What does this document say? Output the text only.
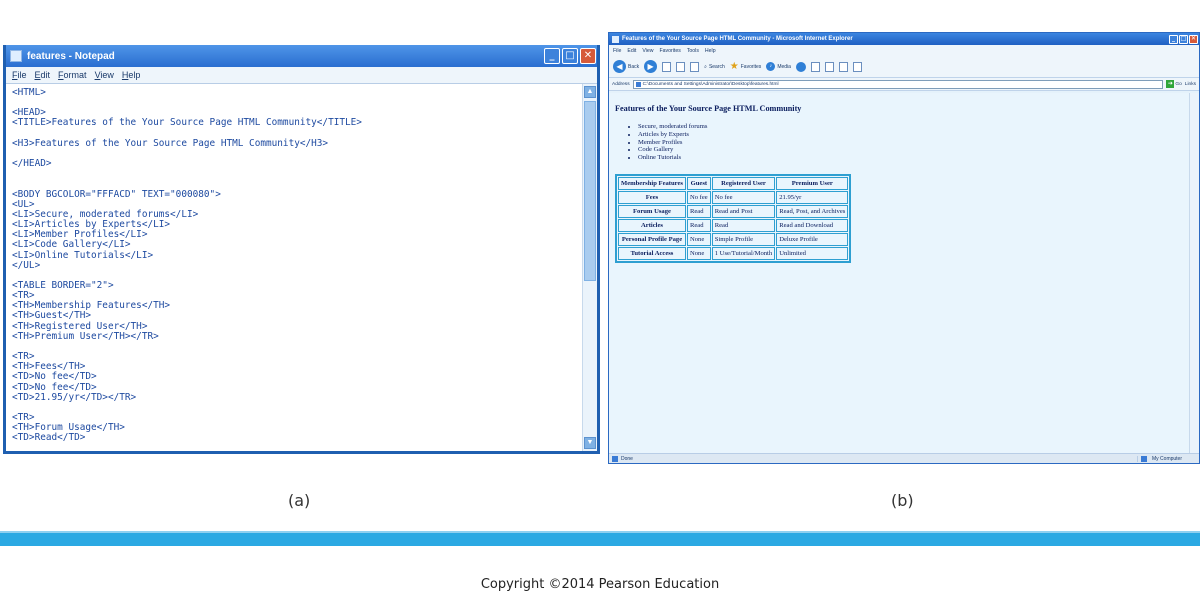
features - Notepad	_	□ ✕
File Edit Format View Help
<HTML>

<HEAD>
<TITLE>Features of the Your Source Page HTML Community</TITLE>

<H3>Features of the Your Source Page HTML Community</H3>

</HEAD>

<BODY BGCOLOR="FFFACD" TEXT="000080">
<UL>
<LI>Secure, moderated forums</LI>
<LI>Articles by Experts</LI>
<LI>Member Profiles</LI>
<LI>Code Gallery</LI>
<LI>Online Tutorials</LI>
</UL>

<TABLE BORDER="2">
<TR>
<TH>Membership Features</TH>
<TH>Guest</TH>
<TH>Registered User</TH>
<TH>Premium User</TH></TR>

<TR>
<TH>Fees</TH>
<TD>No fee</TD>
<TD>No fee</TD>
<TD>21.95/yr</TD></TR>

<TR>
<TH>Forum Usage</TH>
<TD>Read</TD>
▲
▼
Features of the Your Source Page HTML Community - Microsoft Internet Explorer	_ □ ✕
File Edit View Favorites Tools Help
◀	Back	▶	⌕ Search ★ Favorites	♪	Media
Address	C:\Documents and Settings\Administrator\Desktop\features.html	➜ Go Links
Features of the Your Source Page HTML Community
• Secure, moderated forums
• Articles by Experts
• Member Profiles
• Code Gallery
• Online Tutorials
Membership Features	Guest	Registered User	Premium User
Fees	No fee	No fee	21.95/yr
Forum Usage	Read	Read and Post	Read, Post, and Archives
Articles	Read	Read	Read and Download
Personal Profile Page	None	Simple Profile	Deluxe Profile
Tutorial Access	None	1 Use/Tutorial/Month	Unlimited
Done	My Computer
(a)	(b)
Copyright ©2014 Pearson Education
